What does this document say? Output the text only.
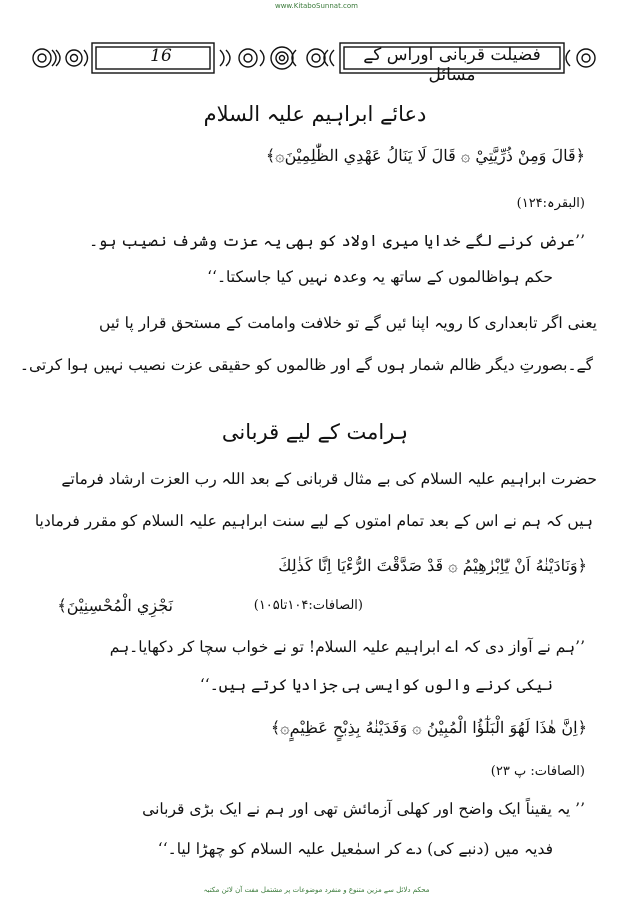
www.KitaboSunnat.com
16	فضیلت قربانی اوراس کے مسائل
دعائے ابراہیم علیہ السلام
﴿قَالَ وَمِنْ ذُرِّيَّتِيْ ۞ قَالَ لَا يَنَالُ عَهْدِي الظّٰلِمِيْنَ۞﴾
(البقرہ:۱۲۴)
’’عرض کرنے لگے خدایا میری اولاد کو بھی یہ عزت وشرف نصیب ہو۔
حکم ہواظالموں کے ساتھ یہ وعدہ نہیں کیا جاسکتا۔‘‘
یعنی اگر تابعداری کا رویہ اپنا ئیں گے تو خلافت وامامت کے مستحق قرار پا ئیں
گے۔بصورتِ دیگر ظالم شمار ہوں گے اور ظالموں کو حقیقی عزت نصیب نہیں ہوا کرتی۔
ہرامت کے لیے قربانی
حضرت ابراہیم علیہ السلام کی بے مثال قربانی کے بعد اللہ رب العزت ارشاد فرماتے
ہیں کہ ہم نے اس کے بعد تمام امتوں کے لیے سنت ابراہیم علیہ السلام کو مقرر فرمادیا
﴿وَنَادَيْنٰهُ اَنْ يّٰاِبْرٰهِيْمُ ۞ قَدْ صَدَّقْتَ الرُّءْيَا اِنَّا كَذٰلِكَ
نَجْزِي الْمُحْسِنِيْنَ﴾	(الصافات:۱۰۴تا۱۰۵)
’’ہم نے آواز دی کہ اے ابراہیم علیہ السلام! تو نے خواب سچا کر دکھایا۔ہم
نیکی کرنے والوں کوایسی ہی جزادیا کرتے ہیں۔‘‘
﴿اِنَّ هٰذَا لَهُوَ الْبَلٰٓؤُا الْمُبِيْنُ ۞ وَفَدَيْنٰهُ بِذِبْحٍ عَظِيْمٍ۞﴾
(الصافات: پ ۲۳)
’’ یہ یقیناً ایک واضح اور کھلی آزمائش تھی اور ہم نے ایک بڑی قربانی
فدیہ میں (دنبے کی) دے کر اسمٰعیل علیہ السلام کو چھڑا لیا۔‘‘
محکم دلائل سے مزین متنوع و منفرد موضوعات پر مشتمل مفت آن لائن مکتبہ
